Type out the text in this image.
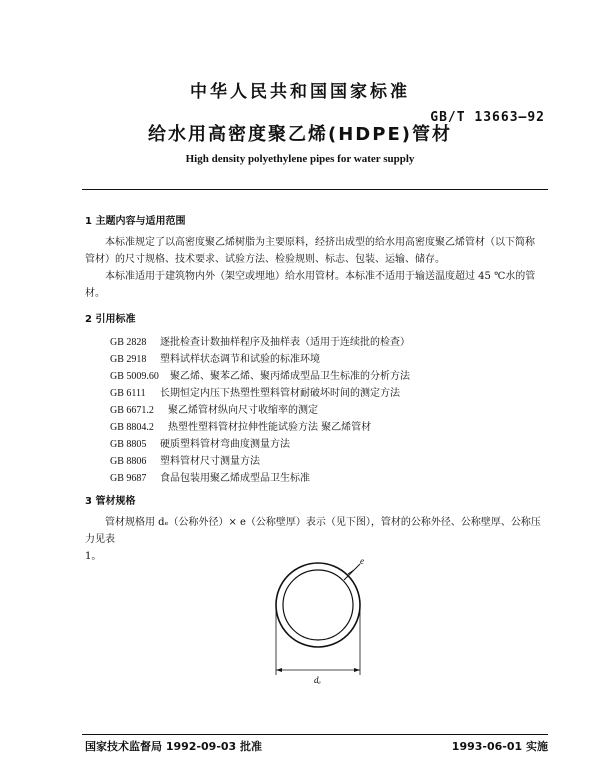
中华人民共和国国家标准
GB/T 13663—92
给水用高密度聚乙烯(HDPE)管材
High density polyethylene pipes for water supply
1 主题内容与适用范围
本标准规定了以高密度聚乙烯树脂为主要原料，经挤出成型的给水用高密度聚乙烯管材（以下简称
管材）的尺寸规格、技术要求、试验方法、检验规则、标志、包装、运输、储存。
本标准适用于建筑物内外（架空或埋地）给水用管材。本标准不适用于输送温度超过 45 ℃水的管
材。
2 引用标准
GB 2828 逐批检查计数抽样程序及抽样表（适用于连续批的检查）
GB 2918 塑料试样状态调节和试验的标准环境
GB 5009.60 聚乙烯、聚苯乙烯、聚丙烯成型品卫生标准的分析方法
GB 6111 长期恒定内压下热塑性塑料管材耐破坏时间的测定方法
GB 6671.2 聚乙烯管材纵向尺寸收缩率的测定
GB 8804.2 热塑性塑料管材拉伸性能试验方法 聚乙烯管材
GB 8805 硬质塑料管材弯曲度测量方法
GB 8806 塑料管材尺寸测量方法
GB 9687 食品包装用聚乙烯成型品卫生标准
3 管材规格
管材规格用 dₑ（公称外径）× e（公称壁厚）表示（见下图），管材的公称外径、公称壁厚、公称压力见表
1。	e
dₑ
国家技术监督局 1992-09-03 批准	1993-06-01 实施
